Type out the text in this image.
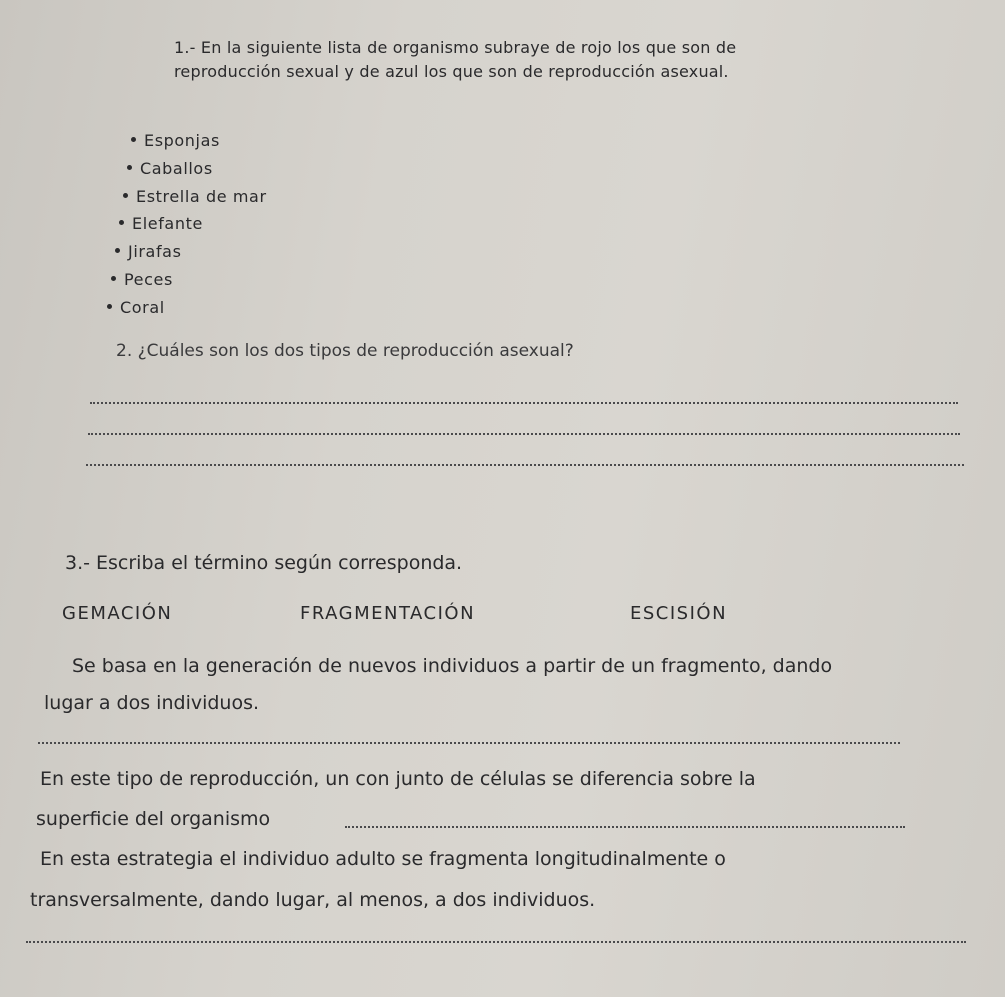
1.- En la siguiente lista de organismo subraye de rojo los que son de
reproducción sexual y de azul los que son de reproducción asexual.
Esponjas
Caballos
Estrella de mar
Elefante
Jirafas
Peces
Coral
2. ¿Cuáles son los dos tipos de reproducción asexual?
3.- Escriba el término según corresponda.
GEMACIÓN	FRAGMENTACIÓN	ESCISIÓN
Se basa en la generación de nuevos individuos a partir de un fragmento, dando
lugar a dos individuos.
En este tipo de reproducción, un con junto de células se diferencia sobre la
superficie del organismo
En esta estrategia el individuo adulto se fragmenta longitudinalmente o
transversalmente, dando lugar, al menos, a dos individuos.
